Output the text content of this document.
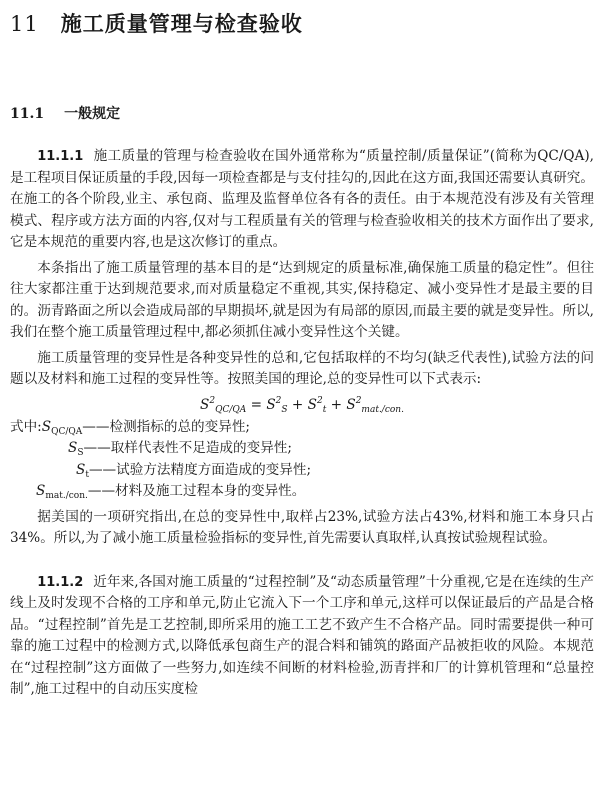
11 施工质量管理与检查验收
11.1 一般规定

11.1.1 施工质量的管理与检查验收在国外通常称为“质量控制/质量保证”(简称为QC/QA),是工程项目保证质量的手段,因每一项检查都是与支付挂勾的,因此在这方面,我国还需要认真研究。在施工的各个阶段,业主、承包商、监理及监督单位各有各的责任。由于本规范没有涉及有关管理模式、程序或方法方面的内容,仅对与工程质量有关的管理与检查验收相关的技术方面作出了要求,它是本规范的重要内容,也是这次修订的重点。

本条指出了施工质量管理的基本目的是“达到规定的质量标准,确保施工质量的稳定性”。但往往大家都注重于达到规范要求,而对质量稳定不重视,其实,保持稳定、减小变异性才是最主要的目的。沥青路面之所以会造成局部的早期损坏,就是因为有局部的原因,而最主要的就是变异性。所以,我们在整个施工质量管理过程中,都必须抓住减小变异性这个关键。

施工质量管理的变异性是各种变异性的总和,它包括取样的不均匀(缺乏代表性),试验方法的问题以及材料和施工过程的变异性等。按照美国的理论,总的变异性可以下式表示:

$S^2_{QC/QA} = S^2_S + S^2_t + S^2_{mat./con.}$
式中$:S_{QC/QA}——$检测指标的总的变异性;
$S_S——$取样代表性不足造成的变异性;
$S_t——$试验方法精度方面造成的变异性;
$S_{mat./con.}——$材料及施工过程本身的变异性。

据美国的一项研究指出,在总的变异性中,取样占23%,试验方法占43%,材料和施工本身只占34%。所以,为了减小施工质量检验指标的变异性,首先需要认真取样,认真按试验规程试验。

11.1.2 近年来,各国对施工质量的“过程控制”及“动态质量管理”十分重视,它是在连续的生产线上及时发现不合格的工序和单元,防止它流入下一个工序和单元,这样可以保证最后的产品是合格品。“过程控制”首先是工艺控制,即所采用的施工工艺不致产生不合格产品。同时需要提供一种可靠的施工过程中的检测方式,以降低承包商生产的混合料和铺筑的路面产品被拒收的风险。本规范在“过程控制”这方面做了一些努力,如连续不间断的材料检验,沥青拌和厂的计算机管理和“总量控制”,施工过程中的自动压实度检
